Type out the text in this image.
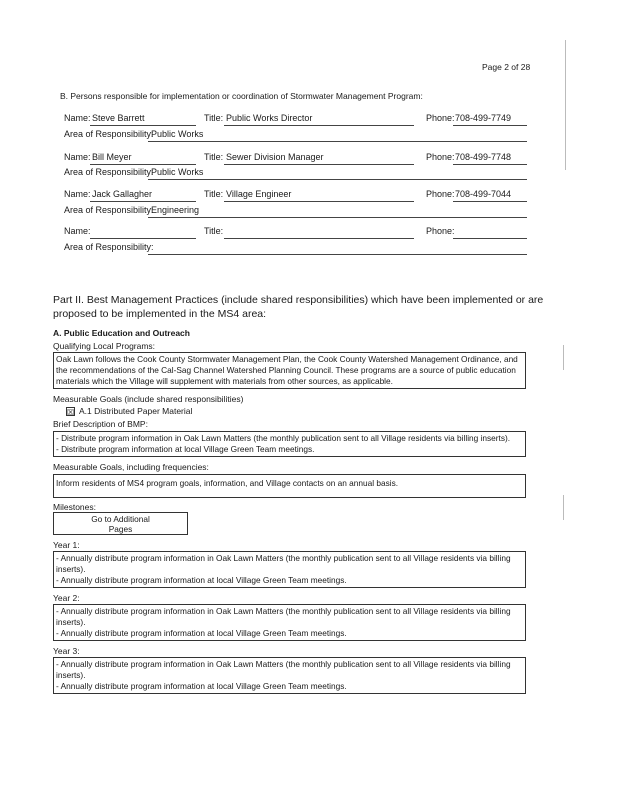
Page 2 of 28
B. Persons responsible for implementation or coordination of Stormwater Management Program:
Name: Steve Barrett	Title: Public Works Director	Phone: 708-499-7749
Area of Responsibility:
Public Works
Name: Bill Meyer	Title: Sewer Division Manager	Phone: 708-499-7748
Area of Responsibility:
Public Works
Name: Jack Gallagher	Title: Village Engineer	Phone: 708-499-7044
Area of Responsibility:
Engineering
Name:	Title:	Phone:
Area of Responsibility:
Part II. Best Management Practices (include shared responsibilities) which have been implemented or are
proposed to be implemented in the MS4 area:
A. Public Education and Outreach
Qualifying Local Programs:

Oak Lawn follows the Cook County Stormwater Management Plan, the Cook County Watershed Management Ordinance, and

the recommendations of the Cal-Sag Channel Watershed Planning Council. These programs are a source of public education

materials which the Village will supplement with materials from other sources, as applicable.

Measurable Goals (include shared responsibilities)
☒ A.1 Distributed Paper Material
Brief Description of BMP:

- Distribute program information in Oak Lawn Matters (the monthly publication sent to all Village residents via billing inserts).

- Distribute program information at local Village Green Team meetings.

Measurable Goals, including frequencies:

Inform residents of MS4 program goals, information, and Village contacts on an annual basis.

Milestones:
Go to Additional
Pages
Year 1:

- Annually distribute program information in Oak Lawn Matters (the monthly publication sent to all Village residents via billing

inserts).

- Annually distribute program information at local Village Green Team meetings.

Year 2:

- Annually distribute program information in Oak Lawn Matters (the monthly publication sent to all Village residents via billing

inserts).

- Annually distribute program information at local Village Green Team meetings.

Year 3:

- Annually distribute program information in Oak Lawn Matters (the monthly publication sent to all Village residents via billing

inserts).

- Annually distribute program information at local Village Green Team meetings.
